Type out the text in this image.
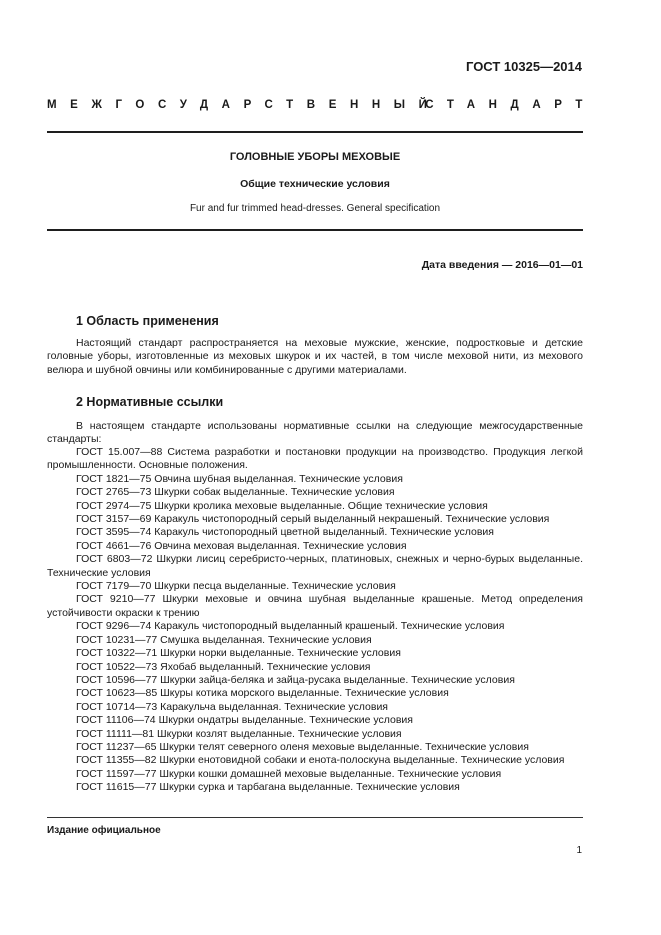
ГОСТ 10325—2014
МЕЖГОСУДАРСТВЕННЫЙ
СТАНДАРТ
ГОЛОВНЫЕ УБОРЫ МЕХОВЫЕ
Общие технические условия
Fur and fur trimmed head-dresses. General specification
Дата введения — 2016—01—01
1 Область применения

Настоящий стандарт распространяется на меховые мужские, женские, подростковые и детские головные уборы, изготовленные из меховых шкурок и их частей, в том числе меховой нити, из мехового велюра и шубной овчины или комбинированные с другими материалами.

2 Нормативные ссылки

В настоящем стандарте использованы нормативные ссылки на следующие межгосударственные стандарты:

ГОСТ 15.007—88 Система разработки и постановки продукции на производство. Продукция легкой промышленности. Основные положения.
ГОСТ 1821—75 Овчина шубная выделанная. Технические условия
ГОСТ 2765—73 Шкурки собак выделанные. Технические условия
ГОСТ 2974—75 Шкурки кролика меховые выделанные. Общие технические условия
ГОСТ 3157—69 Каракуль чистопородный серый выделанный некрашеный. Технические условия
ГОСТ 3595—74 Каракуль чистопородный цветной выделанный. Технические условия
ГОСТ 4661—76 Овчина меховая выделанная. Технические условия
ГОСТ 6803—72 Шкурки лисиц серебристо-черных, платиновых, снежных и черно-бурых выделанные. Технические условия
ГОСТ 7179—70 Шкурки песца выделанные. Технические условия
ГОСТ 9210—77 Шкурки меховые и овчина шубная выделанные крашеные. Метод определения устойчивости окраски к трению
ГОСТ 9296—74 Каракуль чистопородный выделанный крашеный. Технические условия
ГОСТ 10231—77 Смушка выделанная. Технические условия
ГОСТ 10322—71 Шкурки норки выделанные. Технические условия
ГОСТ 10522—73 Яхобаб выделанный. Технические условия
ГОСТ 10596—77 Шкурки зайца-беляка и зайца-русака выделанные. Технические условия
ГОСТ 10623—85 Шкуры котика морского выделанные. Технические условия
ГОСТ 10714—73 Каракульча выделанная. Технические условия
ГОСТ 11106—74 Шкурки ондатры выделанные. Технические условия
ГОСТ 11111—81 Шкурки козлят выделанные. Технические условия
ГОСТ 11237—65 Шкурки телят северного оленя меховые выделанные. Технические условия
ГОСТ 11355—82 Шкурки енотовидной собаки и енота-полоскуна выделанные. Технические условия
ГОСТ 11597—77 Шкурки кошки домашней меховые выделанные. Технические условия
ГОСТ 11615—77 Шкурки сурка и тарбагана выделанные. Технические условия
Издание официальное
1
